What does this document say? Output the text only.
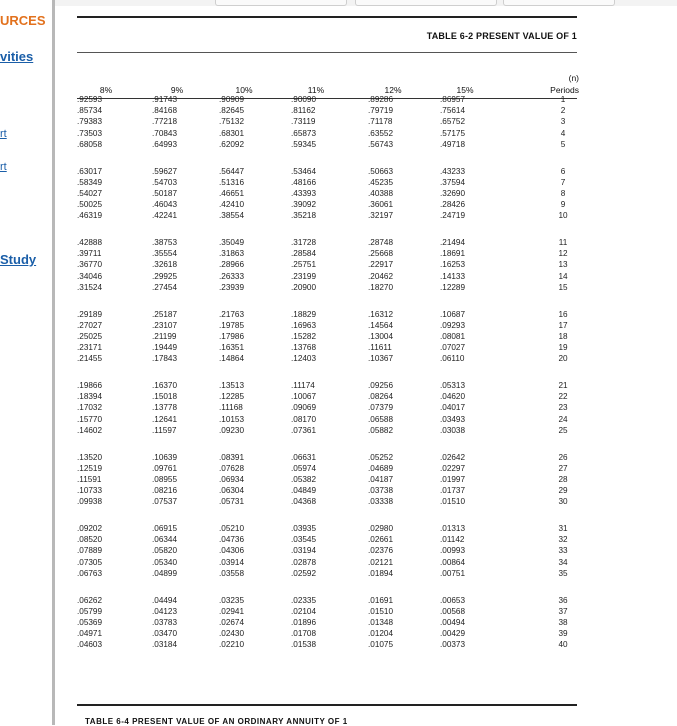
URCES
vities
rt
rt
Study
TABLE 6-2 PRESENT VALUE OF 1
8%
.92593
.85734
.79383
.73503
.68058
.63017
.58349
.54027
.50025
.46319
.42888
.39711
.36770
.34046
.31524
.29189
.27027
.25025
.23171
.21455
.19866
.18394
.17032
.15770
.14602
.13520
.12519
.11591
.10733
.09938
.09202
.08520
.07889
.07305
.06763
.06262
.05799
.05369
.04971
.04603
9%
.91743
.84168
.77218
.70843
.64993
.59627
.54703
.50187
.46043
.42241
.38753
.35554
.32618
.29925
.27454
.25187
.23107
.21199
.19449
.17843
.16370
.15018
.13778
.12641
.11597
.10639
.09761
.08955
.08216
.07537
.06915
.06344
.05820
.05340
.04899
.04494
.04123
.03783
.03470
.03184
10%
.90909
.82645
.75132
.68301
.62092
.56447
.51316
.46651
.42410
.38554
.35049
.31863
.28966
.26333
.23939
.21763
.19785
.17986
.16351
.14864
.13513
.12285
.11168
.10153
.09230
.08391
.07628
.06934
.06304
.05731
.05210
.04736
.04306
.03914
.03558
.03235
.02941
.02674
.02430
.02210
11%
.90090
.81162
.73119
.65873
.59345
.53464
.48166
.43393
.39092
.35218
.31728
.28584
.25751
.23199
.20900
.18829
.16963
.15282
.13768
.12403
.11174
.10067
.09069
.08170
.07361
.06631
.05974
.05382
.04849
.04368
.03935
.03545
.03194
.02878
.02592
.02335
.02104
.01896
.01708
.01538
12%
.89286
.79719
.71178
.63552
.56743
.50663
.45235
.40388
.36061
.32197
.28748
.25668
.22917
.20462
.18270
.16312
.14564
.13004
.11611
.10367
.09256
.08264
.07379
.06588
.05882
.05252
.04689
.04187
.03738
.03338
.02980
.02661
.02376
.02121
.01894
.01691
.01510
.01348
.01204
.01075
15%
.86957
.75614
.65752
.57175
.49718
.43233
.37594
.32690
.28426
.24719
.21494
.18691
.16253
.14133
.12289
.10687
.09293
.08081
.07027
.06110
.05313
.04620
.04017
.03493
.03038
.02642
.02297
.01997
.01737
.01510
.01313
.01142
.00993
.00864
.00751
.00653
.00568
.00494
.00429
.00373
(n)
Periods
1
2
3
4
5
6
7
8
9
10
11
12
13
14
15
16
17
18
19
20
21
22
23
24
25
26
27
28
29
30
31
32
33
34
35
36
37
38
39
40
TABLE 6-4 PRESENT VALUE OF AN ORDINARY ANNUITY OF 1
